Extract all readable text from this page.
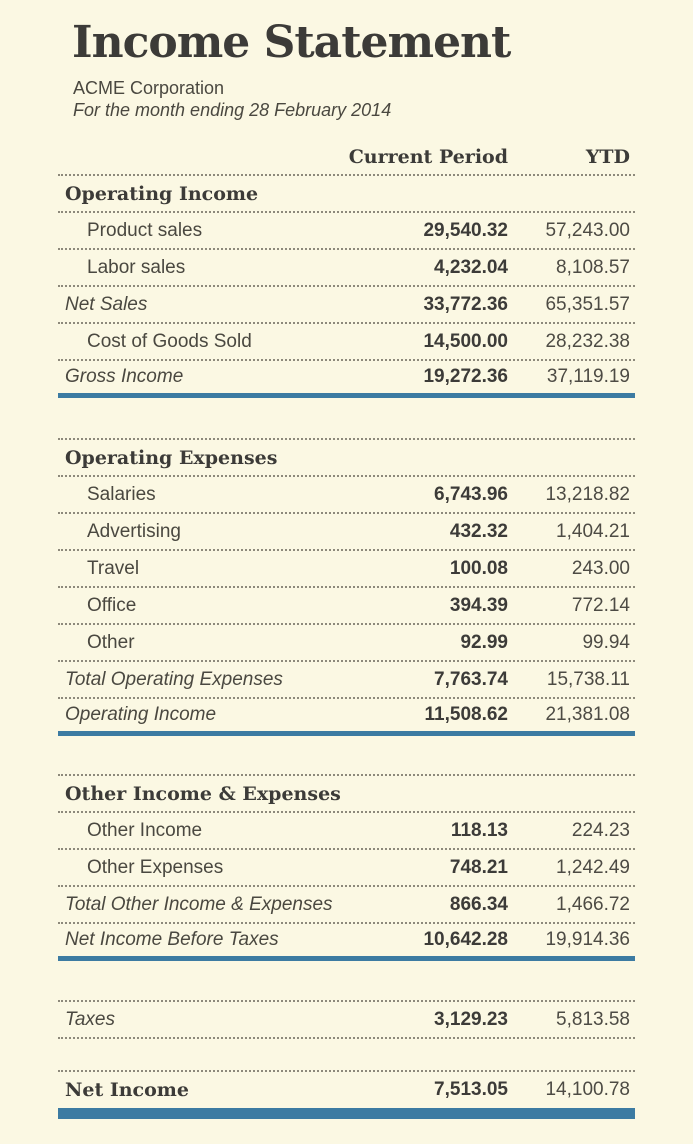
Income Statement
ACME Corporation
For the month ending 28 February 2014
Current Period	YTD
Operating Income
Product sales	29,540.32	57,243.00
Labor sales	4,232.04	8,108.57
Net Sales	33,772.36	65,351.57
Cost of Goods Sold	14,500.00	28,232.38
Gross Income	19,272.36	37,119.19
Operating Expenses
Salaries	6,743.96	13,218.82
Advertising	432.32	1,404.21
Travel	100.08	243.00
Office	394.39	772.14
Other	92.99	99.94
Total Operating Expenses	7,763.74	15,738.11
Operating Income	11,508.62	21,381.08
Other Income & Expenses
Other Income	118.13	224.23
Other Expenses	748.21	1,242.49
Total Other Income & Expenses	866.34	1,466.72
Net Income Before Taxes	10,642.28	19,914.36
Taxes	3,129.23	5,813.58
Net Income	7,513.05	14,100.78
